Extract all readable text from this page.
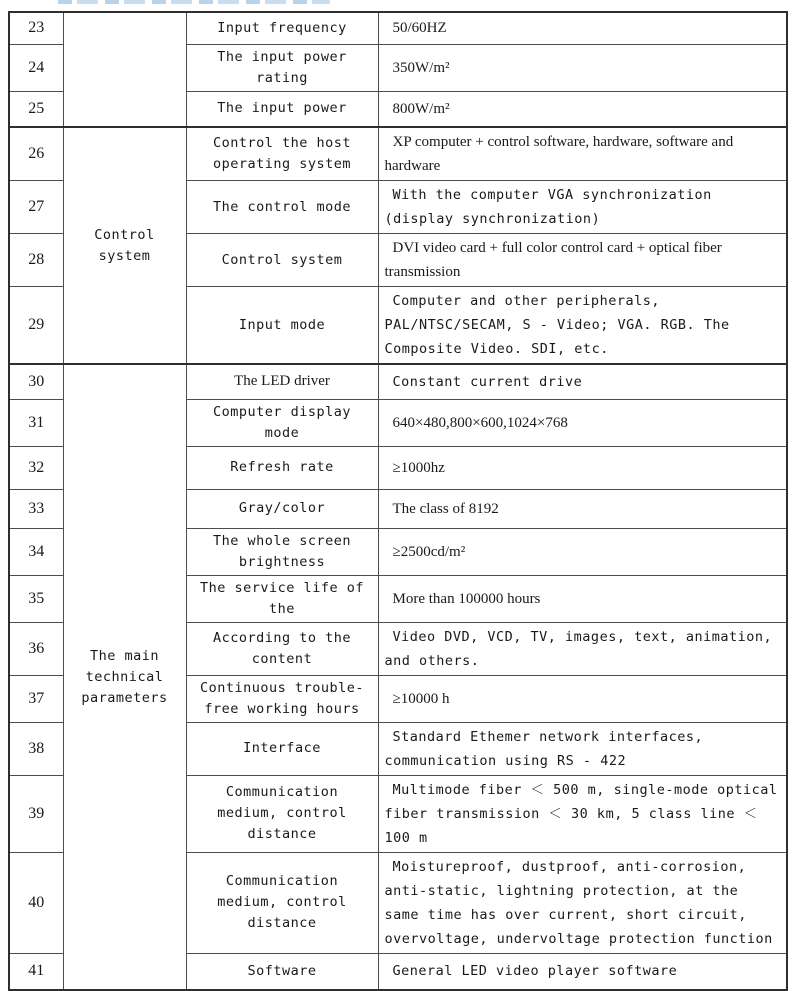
23		Input frequency	50/60HZ
24		The input power rating	350W/m²
25		The input power	800W/m²
26	Control system	Control the host operating system	XP computer + control software, hardware, software and hardware
27		The control mode	With the computer VGA synchronization (display synchronization)
28		Control system	DVI video card + full color control card + optical fiber transmission
29		Input mode	Computer and other peripherals, PAL/NTSC/SECAM, S - Video; VGA. RGB. The Composite Video. SDI, etc.
30	The main technical parameters	The LED driver	Constant current drive
31		Computer display mode	640×480,800×600,1024×768
32		Refresh rate	≥1000hz
33		Gray/color	The class of 8192
34		The whole screen brightness	≥2500cd/m²
35		The service life of the	More than 100000 hours
36		According to the content	Video DVD, VCD, TV, images, text, animation, and others.
37		Continuous trouble-free working hours	≥10000 h
38		Interface	Standard Ethemer network interfaces, communication using RS - 422
39		Communication medium, control distance	Multimode fiber ＜ 500 m, single-mode optical fiber transmission ＜ 30 km, 5 class line ＜ 100 m
40		Communication medium, control distance	Moistureproof, dustproof, anti-corrosion, anti-static, lightning protection, at the same time has over current, short circuit, overvoltage, undervoltage protection function
41		Software	General LED video player software
